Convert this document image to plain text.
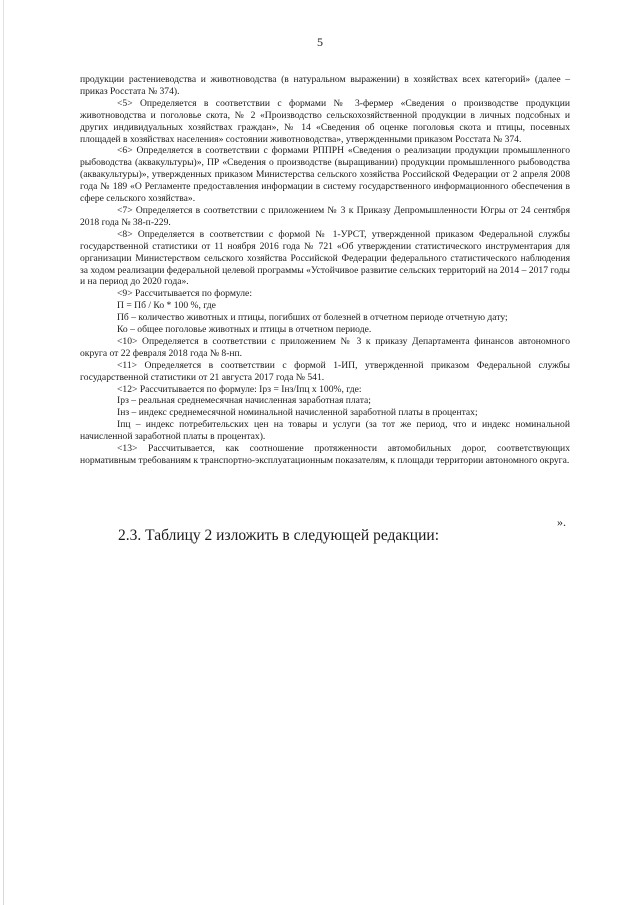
5

продукции растениеводства и животноводства (в натуральном выражении) в хозяйствах всех категорий» (далее – приказ Росстата № 374).

<5> Определяется в соответствии с формами № 3-фермер «Сведения о производстве продукции животноводства и поголовье скота, № 2 «Производство сельскохозяйственной продукции в личных подсобных и других индивидуальных хозяйствах граждан», № 14 «Сведения об оценке поголовья скота и птицы, посевных площадей в хозяйствах населения» состоянии животноводства», утвержденными приказом Росстата № 374.

<6> Определяется в соответствии с формами РППРН «Сведения о реализации продукции промышленного рыбоводства (аквакультуры)», ПР «Сведения о производстве (выращивании) продукции промышленного рыбоводства (аквакультуры)», утвержденных приказом Министерства сельского хозяйства Российской Федерации от 2 апреля 2008 года № 189 «О Регламенте предоставления информации в систему государственного информационного обеспечения в сфере сельского хозяйства».

<7> Определяется в соответствии с приложением № 3 к Приказу Депромышленности Югры от 24 сентября 2018 года № 38-п-229.

<8> Определяется в соответствии с формой № 1-УРСТ, утвержденной приказом Федеральной службы государственной статистики от 11 ноября 2016 года № 721 «Об утверждении статистического инструментария для организации Министерством сельского хозяйства Российской Федерации федерального статистического наблюдения за ходом реализации федеральной целевой программы «Устойчивое развитие сельских территорий на 2014 – 2017 годы и на период до 2020 года».

<9> Рассчитывается по формуле:

П = Пб / Ко * 100 %, где

Пб – количество животных и птицы, погибших от болезней в отчетном периоде отчетную дату;

Ко – общее поголовье животных и птицы в отчетном периоде.

<10> Определяется в соответствии с приложением № 3 к приказу Департамента финансов автономного округа от 22 февраля 2018 года № 8-нп.

<11> Определяется в соответствии с формой 1-ИП, утвержденной приказом Федеральной службы государственной статистики от 21 августа 2017 года № 541.

<12> Рассчитывается по формуле: Iрз = Iнз/Iпц х 100%, где:

Iрз – реальная среднемесячная начисленная заработная плата;

Iнз – индекс среднемесячной номинальной начисленной заработной платы в процентах;

Iпц – индекс потребительских цен на товары и услуги (за тот же период, что и индекс номинальной начисленной заработной платы в процентах).

<13> Рассчитывается, как соотношение протяженности автомобильных дорог, соответствующих нормативным требованиям к транспортно-эксплуатационным показателям, к площади территории автономного округа.

».
2.3. Таблицу 2 изложить в следующей редакции:
